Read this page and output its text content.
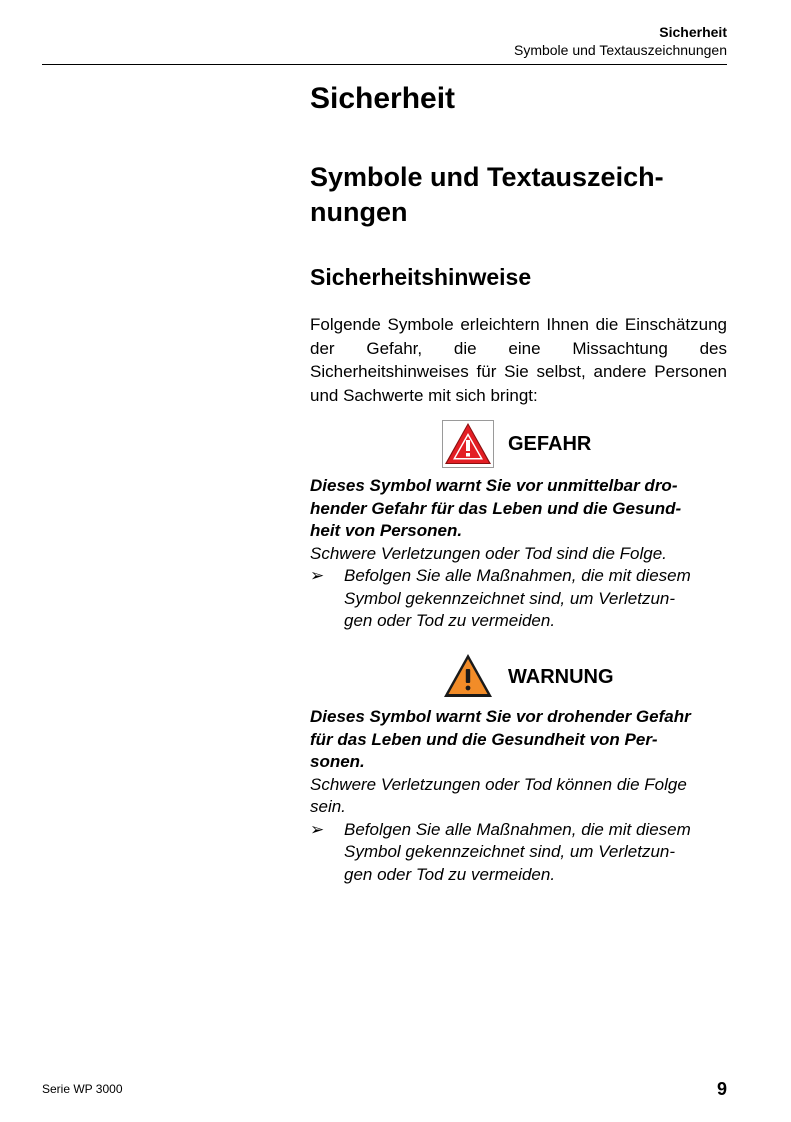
Sicherheit
Symbole und Textauszeichnungen
Sicherheit
Symbole und Textauszeich-
nungen
Sicherheitshinweise
Folgende Symbole erleichtern Ihnen die Einschätzung der Gefahr, die eine Missachtung des Sicherheitshinweises für Sie selbst, andere Personen und Sachwerte mit sich bringt:
GEFAHR
Dieses Symbol warnt Sie vor unmittelbar dro-
hender Gefahr für das Leben und die Gesund-
heit von Personen.
Schwere Verletzungen oder Tod sind die Folge.
➢ Befolgen Sie alle Maßnahmen, die mit diesem
Symbol gekennzeichnet sind, um Verletzun-
gen oder Tod zu vermeiden.
WARNUNG
Dieses Symbol warnt Sie vor drohender Gefahr
für das Leben und die Gesundheit von Per-
sonen.
Schwere Verletzungen oder Tod können die Folge
sein.
➢ Befolgen Sie alle Maßnahmen, die mit diesem
Symbol gekennzeichnet sind, um Verletzun-
gen oder Tod zu vermeiden.
Serie WP 3000	9
